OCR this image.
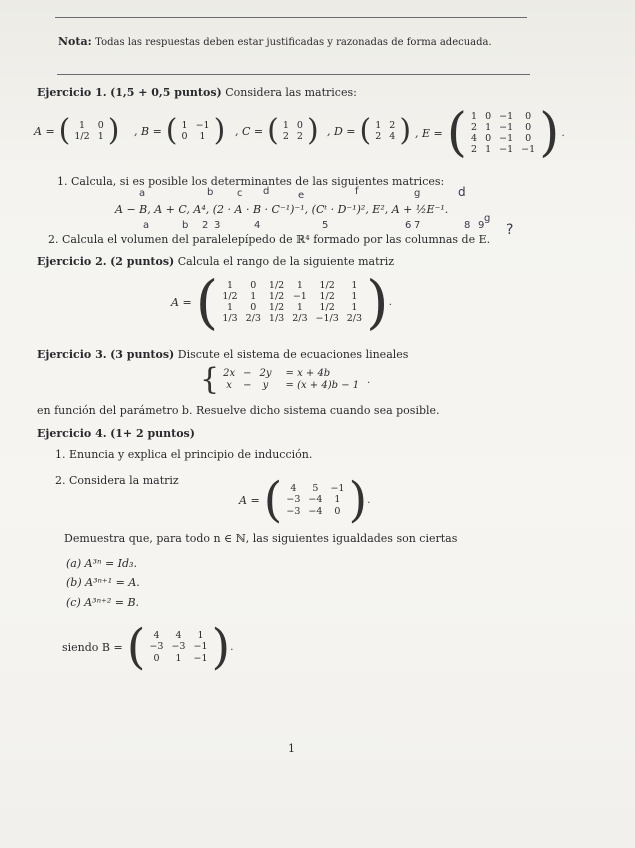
Nota: Todas las respuestas deben estar justificadas y razonadas de forma adecuada.
Ejercicio 1. (1,5 + 0,5 puntos) Considera las matrices:
A = ( 1	0
1/2	1 ) , B = ( 1	−1
0	1 ) , C = ( 1	0
2	2 ) , D = ( 1	2
2	4 ) , E = ( 1	0	−1	0
2	1	−1	0
4	0	−1	0
2	1	−1	−1 ) .
1. Calcula, si es posible los determinantes de las siguientes matrices:
a	b c d	e	f	g
A − B, A + C, A⁴, (2 · A · B · C⁻¹)⁻¹, (Cᵗ · D⁻¹)², E², A + ½E⁻¹.
a	b 2 3	4	5	6 7	8 9
d
?
g
2. Calcula el volumen del paralelepípedo de ℝ⁴ formado por las columnas de E.
Ejercicio 2. (2 puntos) Calcula el rango de la siguiente matriz
A = ( 1	0	1/2	1	1/2	1
1/2	1	1/2	−1	1/2	1
1	0	1/2	1	1/2	1
1/3	2/3	1/3	2/3	−1/3	2/3 ) .
Ejercicio 3. (3 puntos) Discute el sistema de ecuaciones lineales
{ 2x	−	2y	= x + 4b
x	−	y	= (x + 4)b − 1 .
en función del parámetro b. Resuelve dicho sistema cuando sea posible.
Ejercicio 4. (1+ 2 puntos)
1. Enuncia y explica el principio de inducción.
2. Considera la matriz
A = ( 4	5	−1
−3	−4	1
−3	−4	0 ) .
Demuestra que, para todo n ∈ ℕ, las siguientes igualdades son ciertas
(a) A³ⁿ = Id₃.
(b) A³ⁿ⁺¹ = A.
(c) A³ⁿ⁺² = B.
siendo B = ( 4	4	1
−3	−3	−1
0	1	−1 ) .
1
